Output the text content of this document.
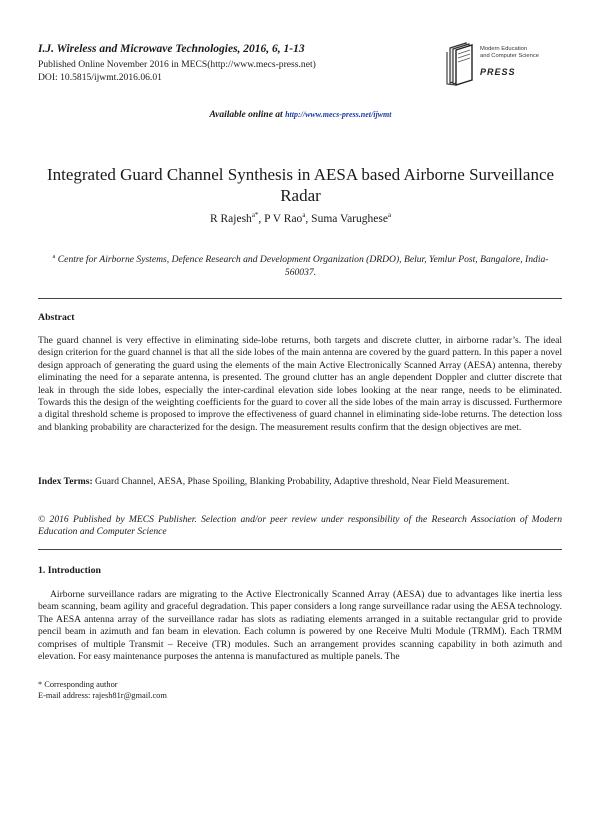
I.J. Wireless and Microwave Technologies, 2016, 6, 1-13
Published Online November 2016 in MECS(http://www.mecs-press.net)
DOI: 10.5815/ijwmt.2016.06.01
Modern Education
and Computer Science
PRESS
Available online at http://www.mecs-press.net/ijwmt
Integrated Guard Channel Synthesis in AESA based Airborne Surveillance Radar
R Rajesh$^{a*}$, P V Rao$^a$, Suma Varughese$^a$
$^a$ Centre for Airborne Systems, Defence Research and Development Organization (DRDO), Belur, Yemlur Post, Bangalore, India-560037.
Abstract
The guard channel is very effective in eliminating side-lobe returns, both targets and discrete clutter, in airborne radar’s. The ideal design criterion for the guard channel is that all the side lobes of the main antenna are covered by the guard pattern. In this paper a novel design approach of generating the guard using the elements of the main Active Electronically Scanned Array (AESA) antenna, thereby eliminating the need for a separate antenna, is presented. The ground clutter has an angle dependent Doppler and clutter discrete that leak in through the side lobes, especially the inter-cardinal elevation side lobes looking at the near range, needs to be eliminated. Towards this the design of the weighting coefficients for the guard to cover all the side lobes of the main array is discussed. Furthermore a digital threshold scheme is proposed to improve the effectiveness of guard channel in eliminating side-lobe returns. The detection loss and blanking probability are characterized for the design. The measurement results confirm that the design objectives are met.
Index Terms: Guard Channel, AESA, Phase Spoiling, Blanking Probability, Adaptive threshold, Near Field Measurement.
© 2016 Published by MECS Publisher. Selection and/or peer review under responsibility of the Research Association of Modern Education and Computer Science
1. Introduction
Airborne surveillance radars are migrating to the Active Electronically Scanned Array (AESA) due to advantages like inertia less beam scanning, beam agility and graceful degradation. This paper considers a long range surveillance radar using the AESA technology. The AESA antenna array of the surveillance radar has slots as radiating elements arranged in a suitable rectangular grid to provide pencil beam in azimuth and fan beam in elevation. Each column is powered by one Receive Multi Module (TRMM). Each TRMM comprises of multiple Transmit – Receive (TR) modules. Such an arrangement provides scanning capability in both azimuth and elevation. For easy maintenance purposes the antenna is manufactured as multiple panels. The
* Corresponding author
E-mail address: rajesh81r@gmail.com
